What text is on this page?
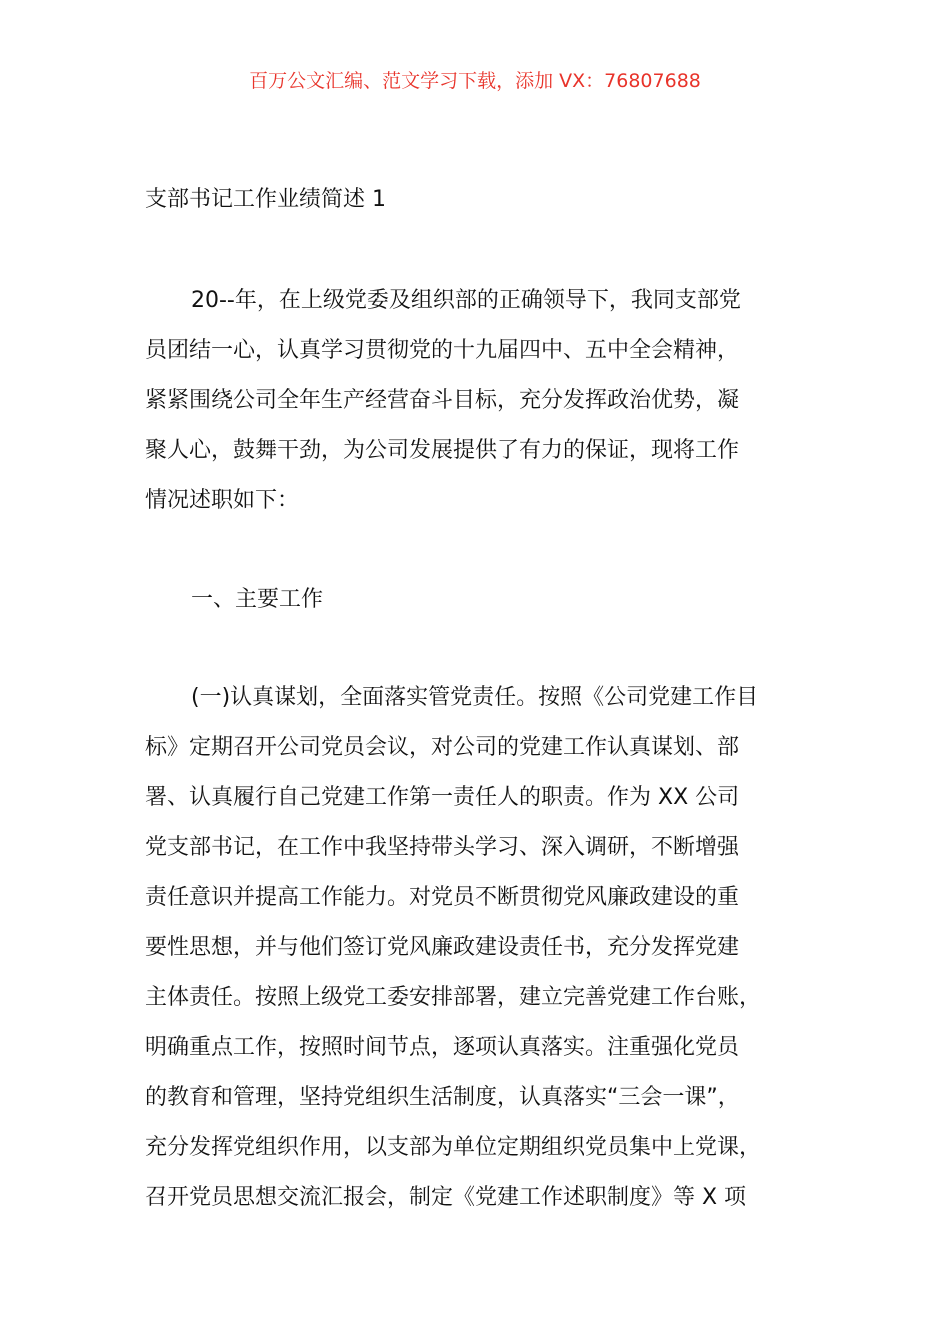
百万公文汇编、范文学习下载，添加 VX：76807688
支部书记工作业绩简述 1
20--年，在上级党委及组织部的正确领导下，我同支部党
员团结一心，认真学习贯彻党的十九届四中、五中全会精神，
紧紧围绕公司全年生产经营奋斗目标，充分发挥政治优势，凝
聚人心，鼓舞干劲，为公司发展提供了有力的保证，现将工作
情况述职如下：
一、主要工作
(一)认真谋划，全面落实管党责任。按照《公司党建工作目
标》定期召开公司党员会议，对公司的党建工作认真谋划、部
署、认真履行自己党建工作第一责任人的职责。作为 XX 公司
党支部书记，在工作中我坚持带头学习、深入调研，不断增强
责任意识并提高工作能力。对党员不断贯彻党风廉政建设的重
要性思想，并与他们签订党风廉政建设责任书，充分发挥党建
主体责任。按照上级党工委安排部署，建立完善党建工作台账，
明确重点工作，按照时间节点，逐项认真落实。注重强化党员
的教育和管理，坚持党组织生活制度，认真落实“三会一课”，
充分发挥党组织作用，以支部为单位定期组织党员集中上党课，
召开党员思想交流汇报会，制定《党建工作述职制度》等 X 项
